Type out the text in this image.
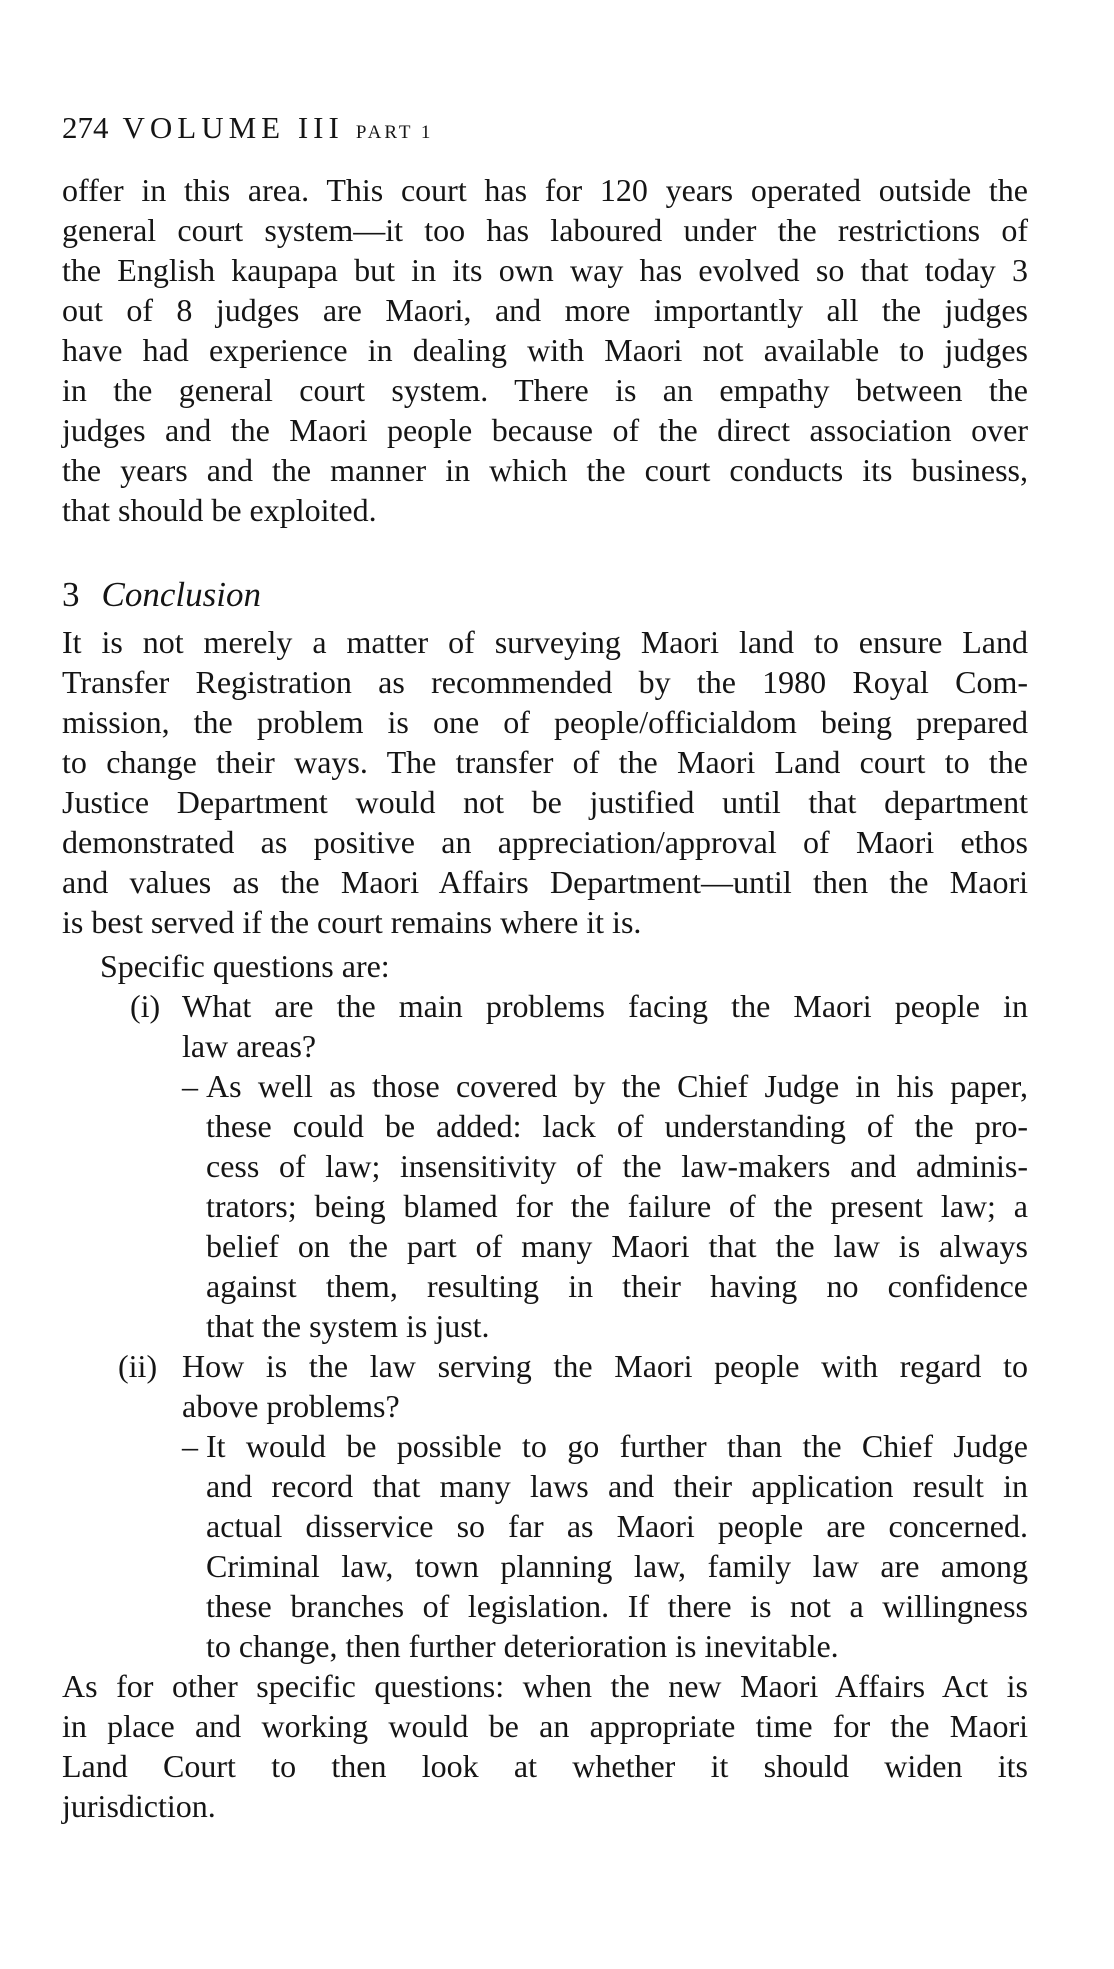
274 VOLUME III PART 1
offer in this area. This court has for 120 years operated outside the
general court system—it too has laboured under the restrictions of
the English kaupapa but in its own way has evolved so that today 3
out of 8 judges are Maori, and more importantly all the judges
have had experience in dealing with Maori not available to judges
in the general court system. There is an empathy between the
judges and the Maori people because of the direct association over
the years and the manner in which the court conducts its business,
that should be exploited.
3 Conclusion
It is not merely a matter of surveying Maori land to ensure Land
Transfer Registration as recommended by the 1980 Royal Com-
mission, the problem is one of people/officialdom being prepared
to change their ways. The transfer of the Maori Land court to the
Justice Department would not be justified until that department
demonstrated as positive an appreciation/approval of Maori ethos
and values as the Maori Affairs Department—until then the Maori
is best served if the court remains where it is.
Specific questions are:
(i) What are the main problems facing the Maori people in
law areas?
– As well as those covered by the Chief Judge in his paper,
these could be added: lack of understanding of the pro-
cess of law; insensitivity of the law-makers and adminis-
trators; being blamed for the failure of the present law; a
belief on the part of many Maori that the law is always
against them, resulting in their having no confidence
that the system is just.
(ii) How is the law serving the Maori people with regard to
above problems?
– It would be possible to go further than the Chief Judge
and record that many laws and their application result in
actual disservice so far as Maori people are concerned.
Criminal law, town planning law, family law are among
these branches of legislation. If there is not a willingness
to change, then further deterioration is inevitable.
As for other specific questions: when the new Maori Affairs Act is
in place and working would be an appropriate time for the Maori
Land Court to then look at whether it should widen its
jurisdiction.
